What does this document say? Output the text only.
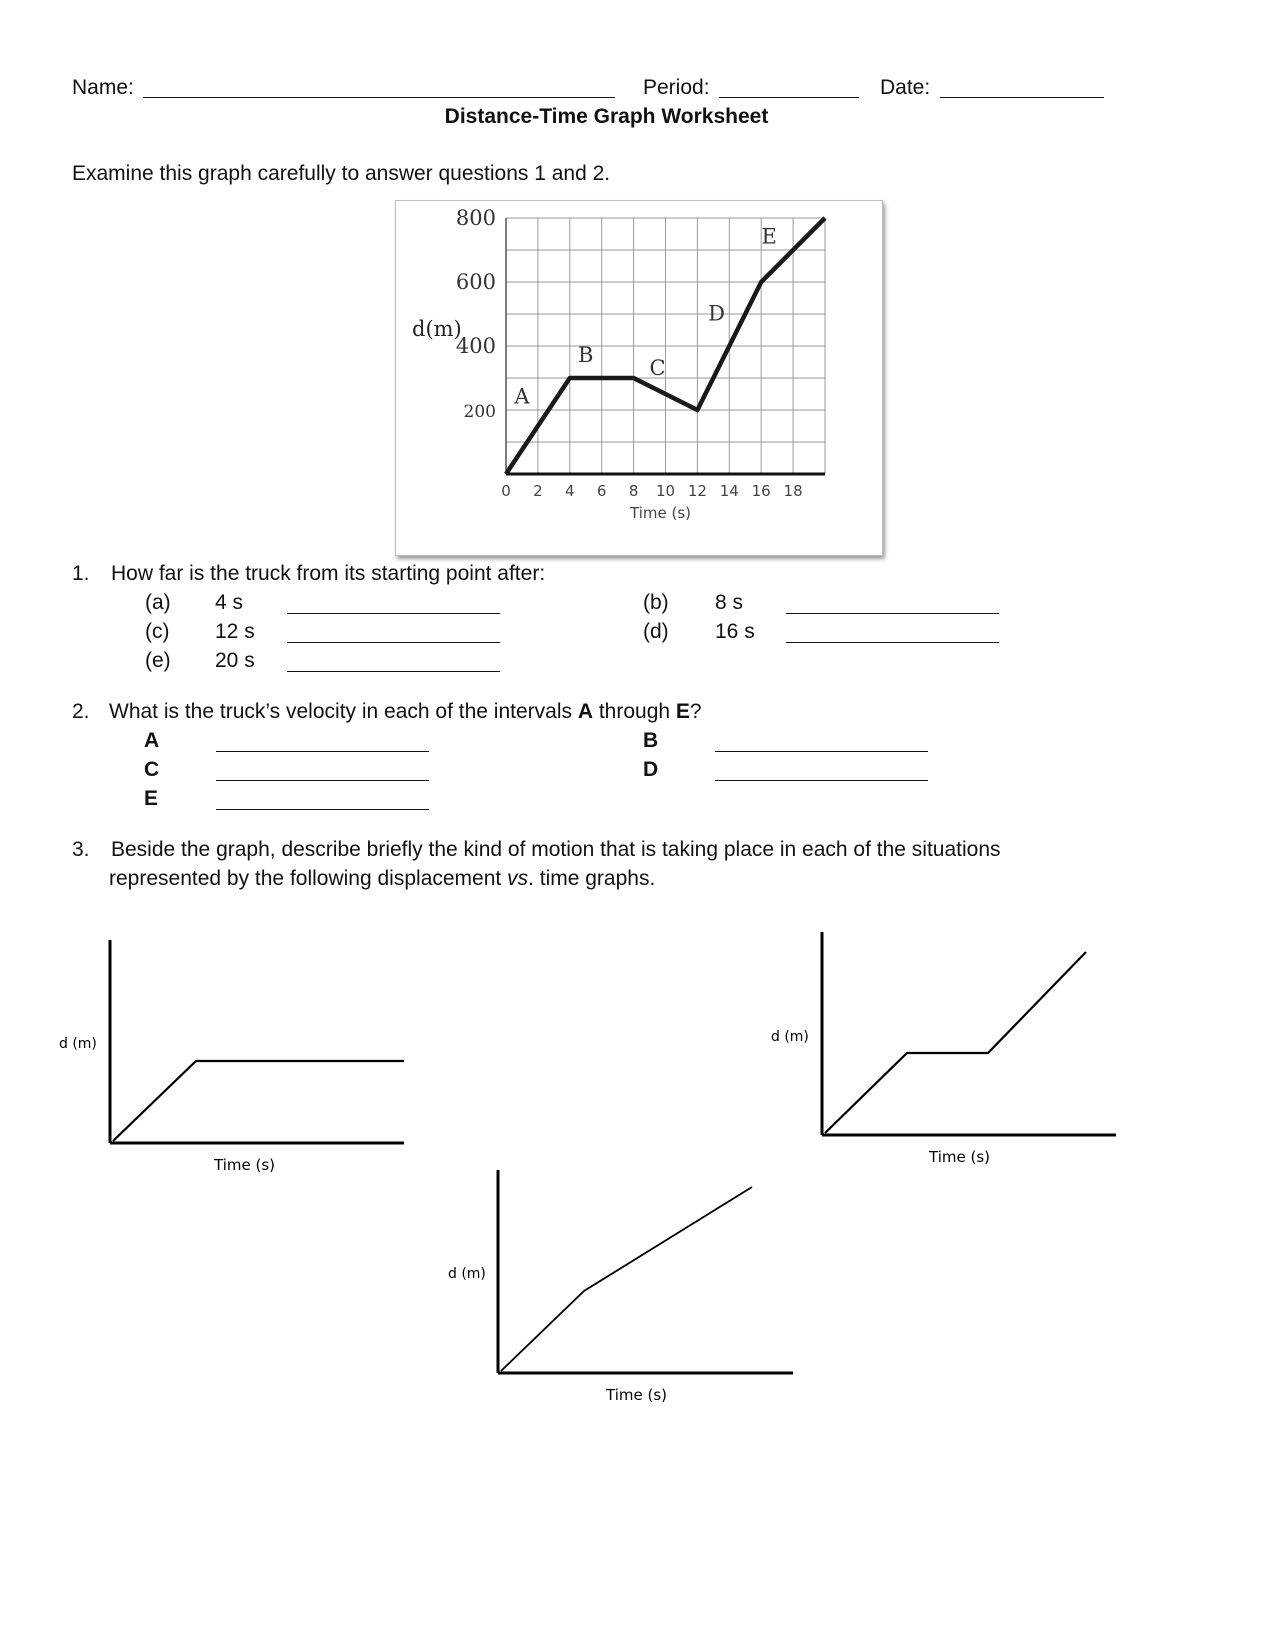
Name:	Period:	Date:
Distance-Time Graph Worksheet
Examine this graph carefully to answer questions 1 and 2.
800
600
400
200
0 2 4 6 8 10 12 14 16 18
d(m)
Time (s)
A
B
C
D
E
1. How far is the truck from its starting point after:
(a) 4 s	(b) 8 s
(c) 12 s	(d) 16 s
(e) 20 s
2. What is the truck’s velocity in each of the intervals A through E?
A	B
C	D
E
3. Beside the graph, describe briefly the kind of motion that is taking place in each of the situations
represented by the following displacement vs. time graphs.
d (m)
Time (s)
d (m)
Time (s)
d (m)
Time (s)
